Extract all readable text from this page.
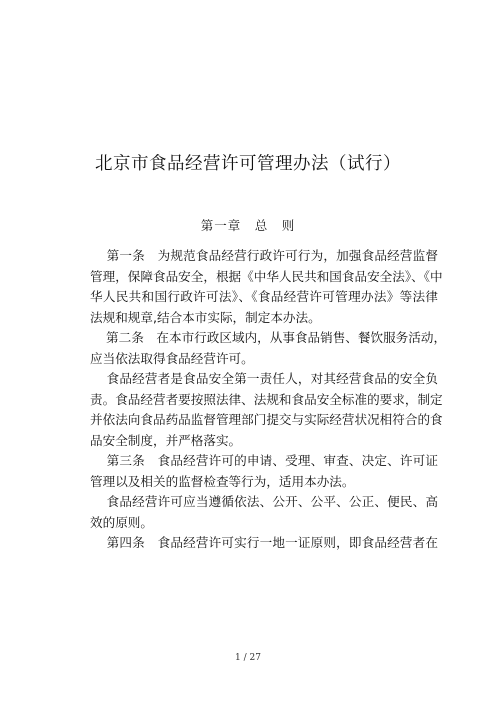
北京市食品经营许可管理办法（试行）
第一章　总　则
第一条　为规范食品经营行政许可行为，加强食品经营监督
管理，保障食品安全，根据《中华人民共和国食品安全法》、《中
华人民共和国行政许可法》、《食品经营许可管理办法》等法律
法规和规章,结合本市实际，制定本办法。
第二条　在本市行政区域内，从事食品销售、餐饮服务活动，
应当依法取得食品经营许可。
食品经营者是食品安全第一责任人，对其经营食品的安全负
责。食品经营者要按照法律、法规和食品安全标准的要求，制定
并依法向食品药品监督管理部门提交与实际经营状况相符合的食
品安全制度，并严格落实。
第三条　食品经营许可的申请、受理、审查、决定、许可证
管理以及相关的监督检查等行为，适用本办法。
食品经营许可应当遵循依法、公开、公平、公正、便民、高
效的原则。
第四条　食品经营许可实行一地一证原则，即食品经营者在
1 / 27
